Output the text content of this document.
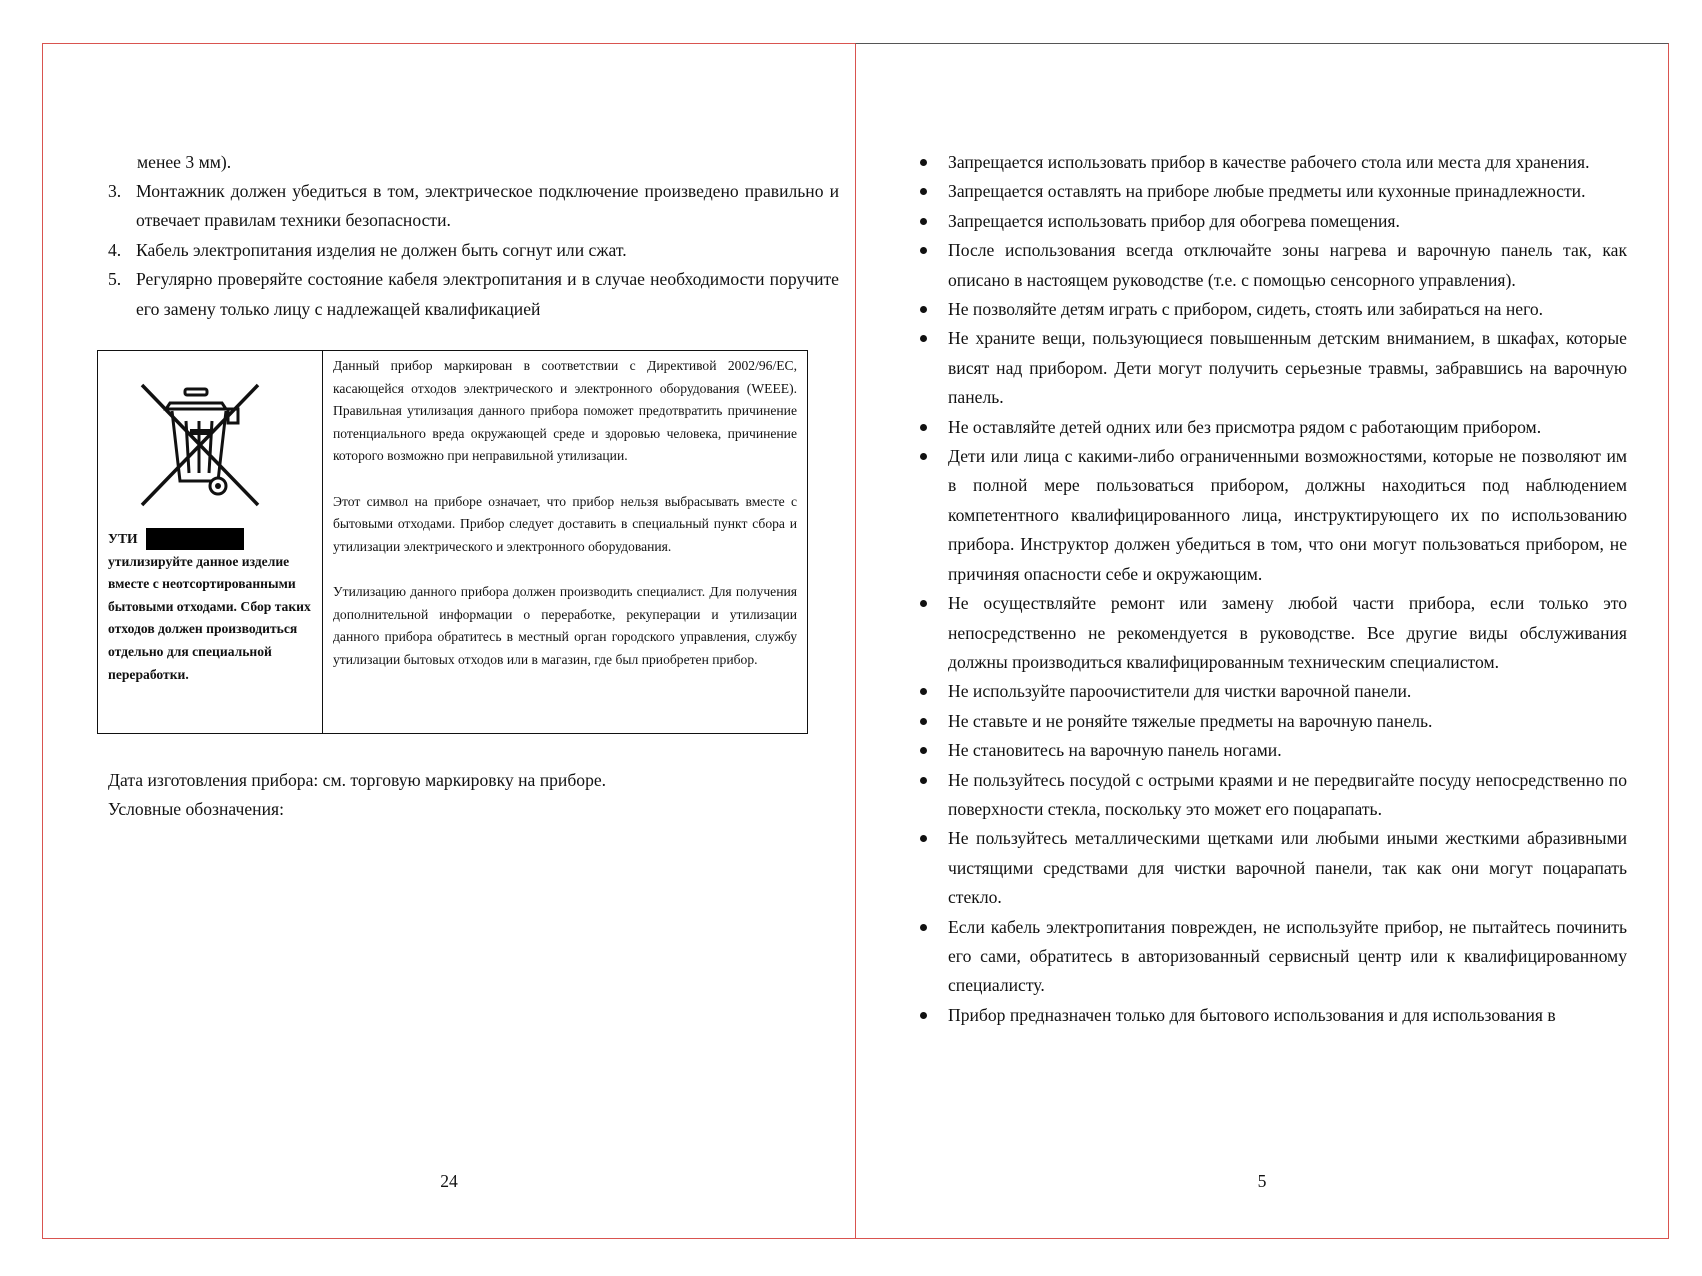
менее 3 мм).
3. Монтажник должен убедиться в том, электрическое подключение произведено правильно и отвечает правилам техники безопасности.
4. Кабель электропитания изделия не должен быть согнут или сжат.
5. Регулярно проверяйте состояние кабеля электропитания и в случае необходимости поручите его замену только лицу с надлежащей квалификацией
УТИ
утилизируйте данное изделие вместе с неотсортированными бытовыми отходами. Сбор таких отходов должен производиться отдельно для специальной переработки.

Данный прибор маркирован в соответствии с Директивой 2002/96/EC, касающейся отходов электрического и электронного оборудования (WEEE). Правильная утилизация данного прибора поможет предотвратить причинение потенциального вреда окружающей среде и здоровью человека, причинение которого возможно при неправильной утилизации.

Этот символ на приборе означает, что прибор нельзя выбрасывать вместе с бытовыми отходами. Прибор следует доставить в специальный пункт сбора и утилизации электрического и электронного оборудования.

Утилизацию данного прибора должен производить специалист. Для получения дополнительной информации о переработке, рекуперации и утилизации данного прибора обратитесь в местный орган городского управления, службу утилизации бытовых отходов или в магазин, где был приобретен прибор.

Дата изготовления прибора: см. торговую маркировку на приборе.
Условные обозначения:
24
Запрещается использовать прибор в качестве рабочего стола или места для хранения.
Запрещается оставлять на приборе любые предметы или кухонные принадлежности.
Запрещается использовать прибор для обогрева помещения.
После использования всегда отключайте зоны нагрева и варочную панель так, как описано в настоящем руководстве (т.е. с помощью сенсорного управления).
Не позволяйте детям играть с прибором, сидеть, стоять или забираться на него.
Не храните вещи, пользующиеся повышенным детским вниманием, в шкафах, которые висят над прибором. Дети могут получить серьезные травмы, забравшись на варочную панель.
Не оставляйте детей одних или без присмотра рядом с работающим прибором.
Дети или лица с какими-либо ограниченными возможностями, которые не позволяют им в полной мере пользоваться прибором, должны находиться под наблюдением компетентного квалифицированного лица, инструктирующего их по использованию прибора. Инструктор должен убедиться в том, что они могут пользоваться прибором, не причиняя опасности себе и окружающим.
Не осуществляйте ремонт или замену любой части прибора, если только это непосредственно не рекомендуется в руководстве. Все другие виды обслуживания должны производиться квалифицированным техническим специалистом.
Не используйте пароочистители для чистки варочной панели.
Не ставьте и не роняйте тяжелые предметы на варочную панель.
Не становитесь на варочную панель ногами.
Не пользуйтесь посудой с острыми краями и не передвигайте посуду непосредственно по поверхности стекла, поскольку это может его поцарапать.
Не пользуйтесь металлическими щетками или любыми иными жесткими абразивными чистящими средствами для чистки варочной панели, так как они могут поцарапать стекло.
Если кабель электропитания поврежден, не используйте прибор, не пытайтесь починить его сами, обратитесь в авторизованный сервисный центр или к квалифицированному специалисту.
Прибор предназначен только для бытового использования и для использования в
5
